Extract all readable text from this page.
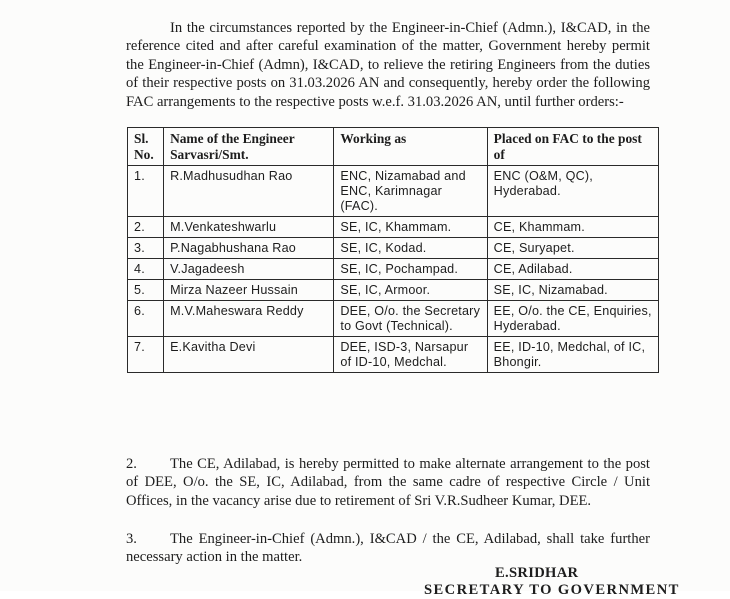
In the circumstances reported by the Engineer-in-Chief (Admn.), I&CAD, in the reference cited and after careful examination of the matter, Government hereby permit the Engineer-in-Chief (Admn), I&CAD, to relieve the retiring Engineers from the duties of their respective posts on 31.03.2026 AN and consequently, hereby order the following FAC arrangements to the respective posts w.e.f. 31.03.2026 AN, until further orders:-

Sl. No.	Name of the Engineer Sarvasri/Smt.	Working as	Placed on FAC to the post of
1.	R.Madhusudhan Rao	ENC, Nizamabad and ENC, Karimnagar (FAC).	ENC (O&M, QC), Hyderabad.
2.	M.Venkateshwarlu	SE, IC, Khammam.	CE, Khammam.
3.	P.Nagabhushana Rao	SE, IC, Kodad.	CE, Suryapet.
4.	V.Jagadeesh	SE, IC, Pochampad.	CE, Adilabad.
5.	Mirza Nazeer Hussain	SE, IC, Armoor.	SE, IC, Nizamabad.
6.	M.V.Maheswara Reddy	DEE, O/o. the Secretary to Govt (Technical).	EE, O/o. the CE, Enquiries, Hyderabad.
7.	E.Kavitha Devi	DEE, ISD-3, Narsapur of ID-10, Medchal.	EE, ID-10, Medchal, of IC, Bhongir.

2. The CE, Adilabad, is hereby permitted to make alternate arrangement to the post of DEE, O/o. the SE, IC, Adilabad, from the same cadre of respective Circle / Unit Offices, in the vacancy arise due to retirement of Sri V.R.Sudheer Kumar, DEE.

3. The Engineer-in-Chief (Admn.), I&CAD / the CE, Adilabad, shall take further necessary action in the matter.

E.SRIDHAR
SECRETARY TO GOVERNMENT
